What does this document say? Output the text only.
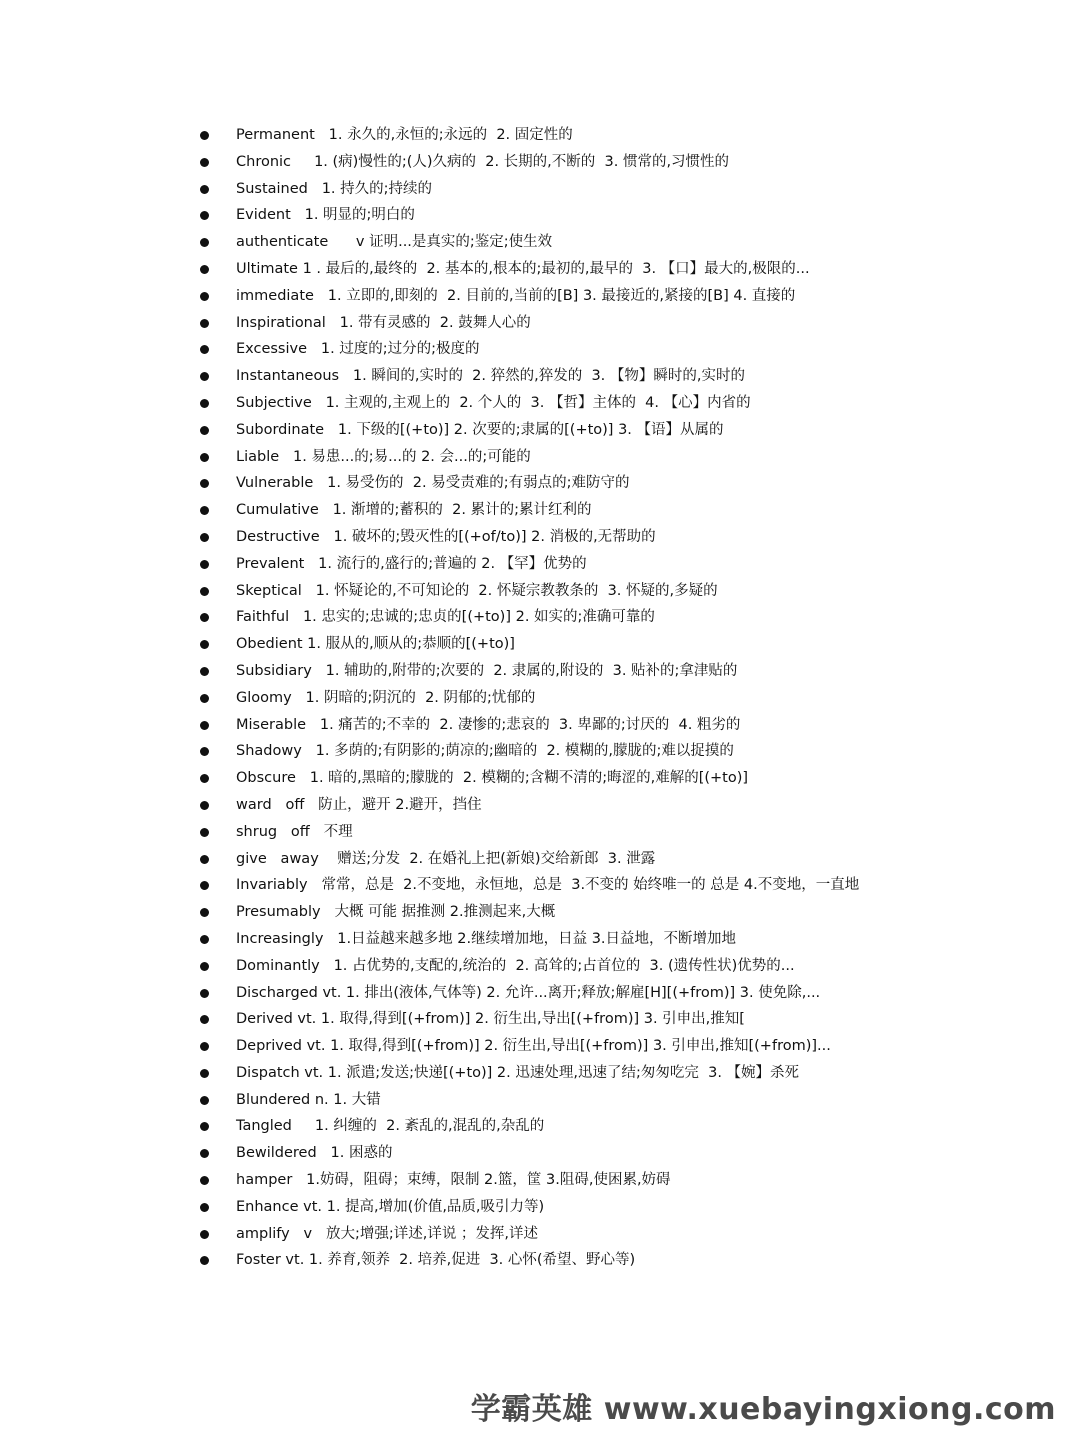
Permanent   1. 永久的,永恒的;永远的  2. 固定性的
Chronic     1. (病)慢性的;(人)久病的  2. 长期的,不断的  3. 惯常的,习惯性的
Sustained   1. 持久的;持续的
Evident   1. 明显的;明白的
authenticate      v 证明...是真实的;鉴定;使生效
Ultimate 1 . 最后的,最终的  2. 基本的,根本的;最初的,最早的  3. 【口】最大的,极限的...
immediate   1. 立即的,即刻的  2. 目前的,当前的[B] 3. 最接近的,紧接的[B] 4. 直接的
Inspirational   1. 带有灵感的  2. 鼓舞人心的
Excessive   1. 过度的;过分的;极度的
Instantaneous   1. 瞬间的,实时的  2. 猝然的,猝发的  3. 【物】瞬时的,实时的
Subjective   1. 主观的,主观上的  2. 个人的  3. 【哲】主体的  4. 【心】内省的
Subordinate   1. 下级的[(+to)] 2. 次要的;隶属的[(+to)] 3. 【语】从属的
Liable   1. 易患...的;易...的 2. 会...的;可能的
Vulnerable   1. 易受伤的  2. 易受责难的;有弱点的;难防守的
Cumulative   1. 渐增的;蓄积的  2. 累计的;累计红利的
Destructive   1. 破坏的;毁灭性的[(+of/to)] 2. 消极的,无帮助的
Prevalent   1. 流行的,盛行的;普遍的 2. 【罕】优势的
Skeptical   1. 怀疑论的,不可知论的  2. 怀疑宗教教条的  3. 怀疑的,多疑的
Faithful   1. 忠实的;忠诚的;忠贞的[(+to)] 2. 如实的;准确可靠的
Obedient 1. 服从的,顺从的;恭顺的[(+to)]
Subsidiary   1. 辅助的,附带的;次要的  2. 隶属的,附设的  3. 贴补的;拿津贴的
Gloomy   1. 阴暗的;阴沉的  2. 阴郁的;忧郁的
Miserable   1. 痛苦的;不幸的  2. 凄惨的;悲哀的  3. 卑鄙的;讨厌的  4. 粗劣的
Shadowy   1. 多荫的;有阴影的;荫凉的;幽暗的  2. 模糊的,朦胧的;难以捉摸的
Obscure   1. 暗的,黑暗的;朦胧的  2. 模糊的;含糊不清的;晦涩的,难解的[(+to)]
ward   off   防止，避开 2.避开，挡住
shrug   off   不理
give   away    赠送;分发  2. 在婚礼上把(新娘)交给新郎  3. 泄露
Invariably   常常，总是  2.不变地，永恒地，总是  3.不变的 始终唯一的 总是 4.不变地，一直地
Presumably   大概 可能 据推测 2.推测起来,大概
Increasingly   1.日益越来越多地 2.继续增加地，日益 3.日益地，不断增加地
Dominantly   1. 占优势的,支配的,统治的  2. 高耸的;占首位的  3. (遗传性状)优势的...
Discharged vt. 1. 排出(液体,气体等) 2. 允许...离开;释放;解雇[H][(+from)] 3. 使免除,...
Derived vt. 1. 取得,得到[(+from)] 2. 衍生出,导出[(+from)] 3. 引申出,推知[
Deprived vt. 1. 取得,得到[(+from)] 2. 衍生出,导出[(+from)] 3. 引申出,推知[(+from)]...
Dispatch vt. 1. 派遣;发送;快递[(+to)] 2. 迅速处理,迅速了结;匆匆吃完  3. 【婉】杀死
Blundered n. 1. 大错
Tangled     1. 纠缠的  2. 紊乱的,混乱的,杂乱的
Bewildered   1. 困惑的
hamper   1.妨碍，阻碍；束缚，限制 2.篮，筐 3.阻碍,使困累,妨碍
Enhance vt. 1. 提高,增加(价值,品质,吸引力等)
amplify   v   放大;增强;详述,详说 ；发挥,详述
Foster vt. 1. 养育,领养  2. 培养,促进  3. 心怀(希望、野心等)
学霸英雄 www.xuebayingxiong.com
